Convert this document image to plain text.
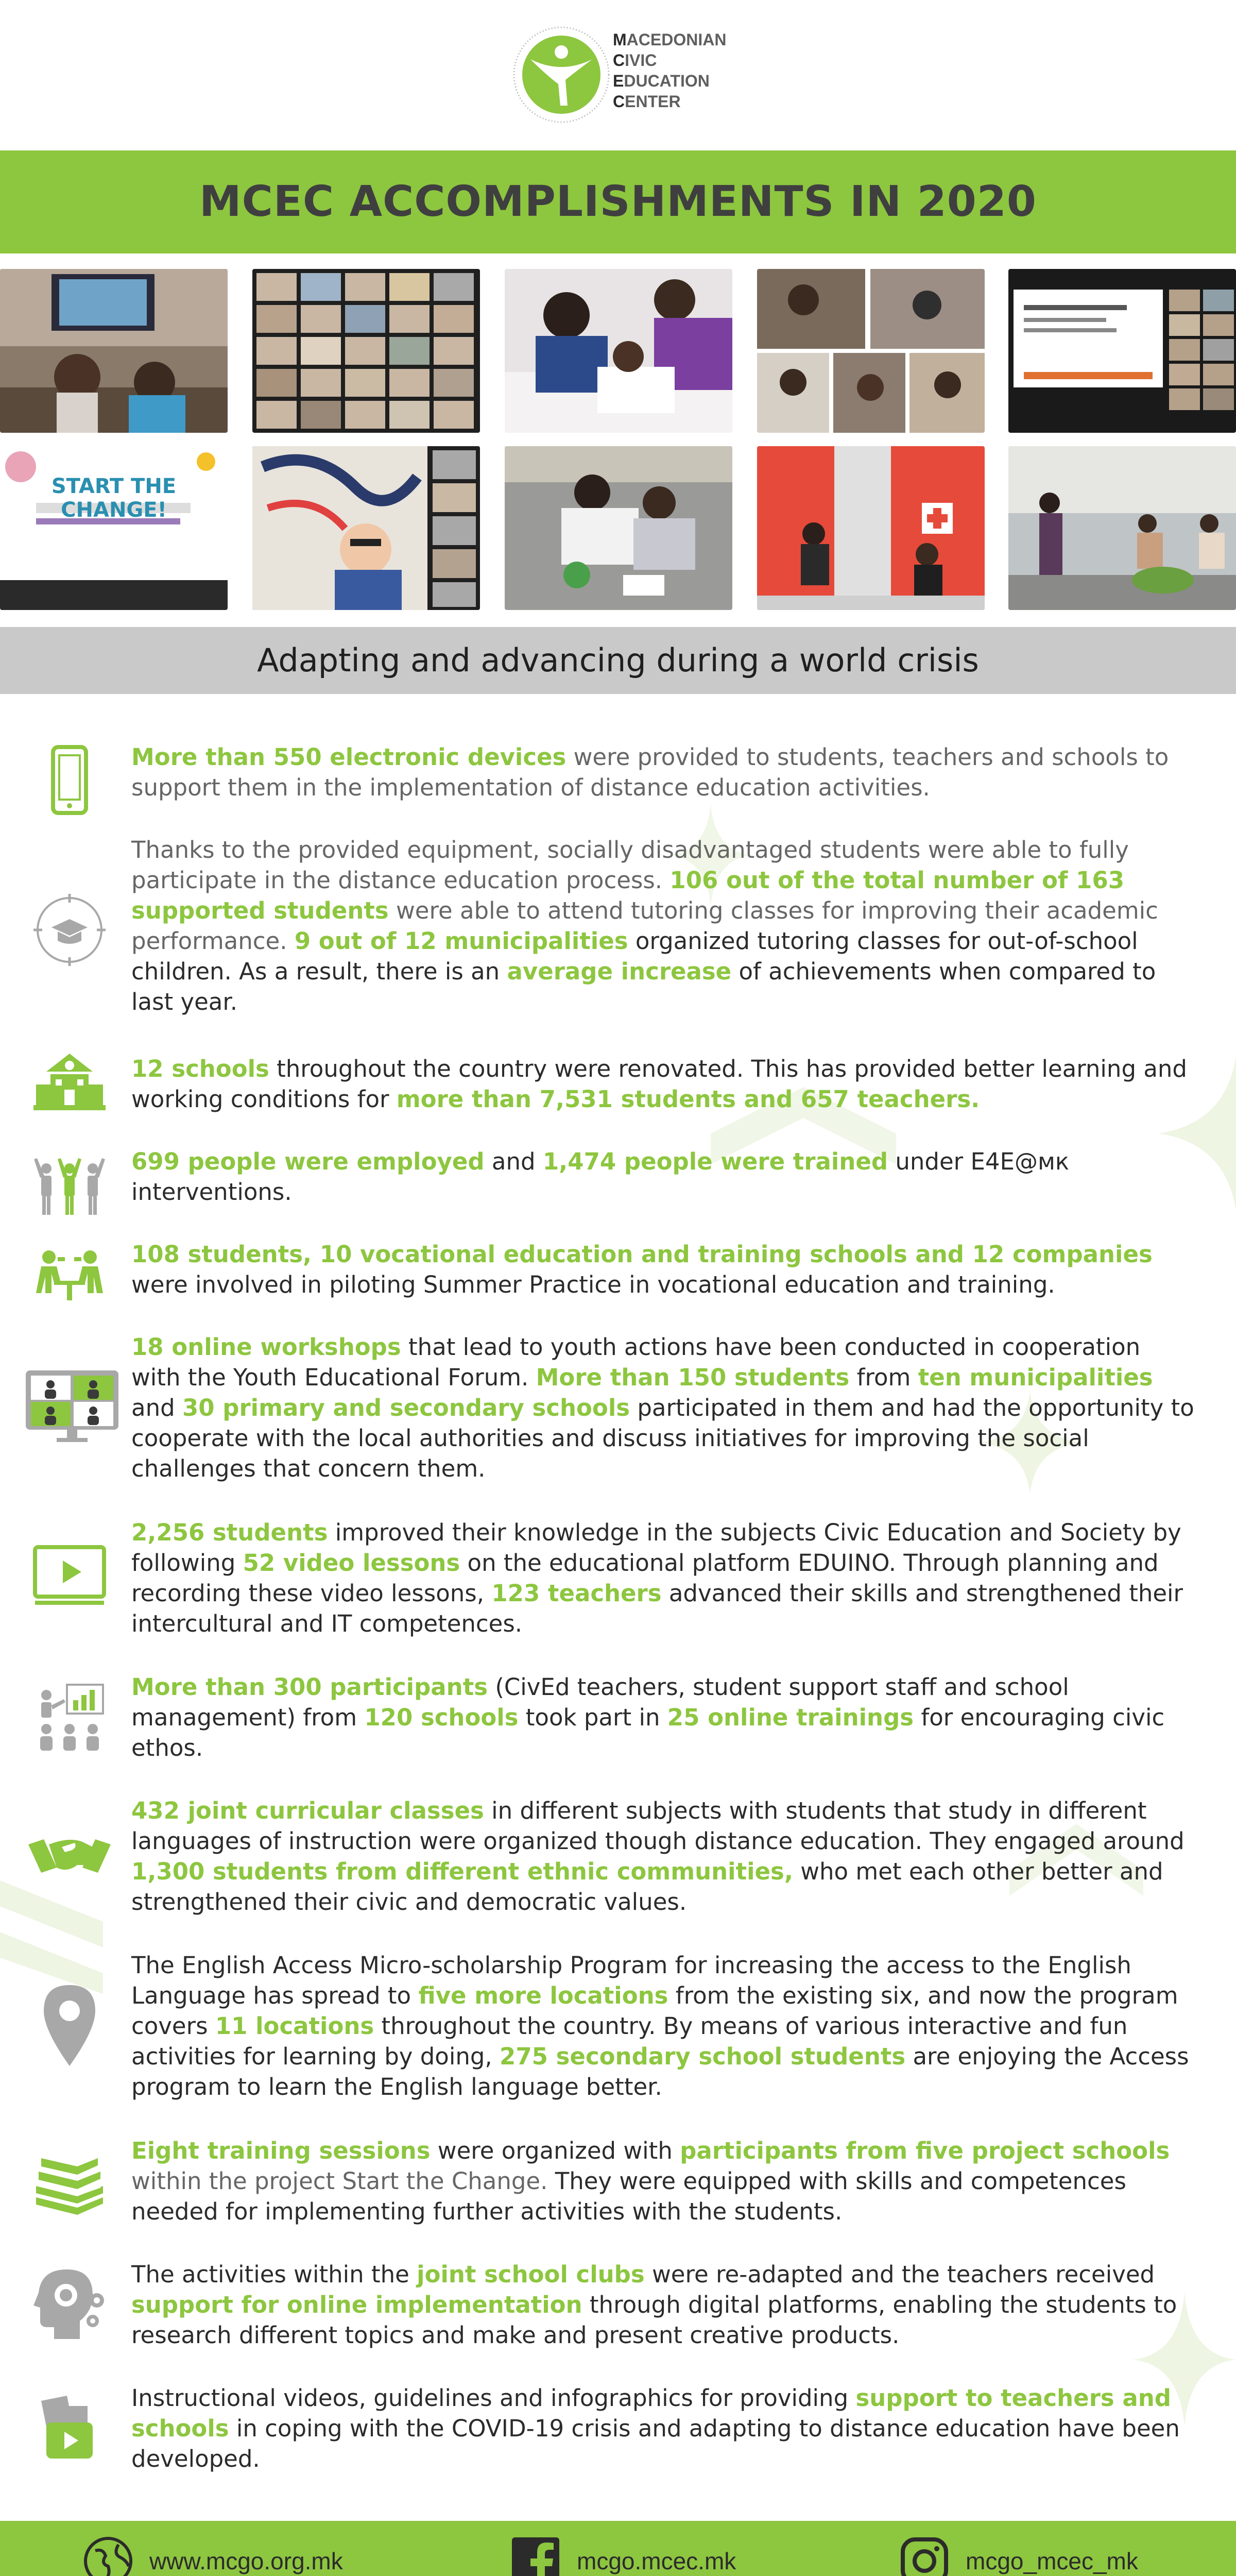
MACEDONIAN
CIVIC
EDUCATION
CENTER
MCEC ACCOMPLISHMENTS IN 2020
START THE CHANGE!
Adapting and advancing during a world crisis
More than 550 electronic devices were provided to students, teachers and schools to support them in the implementation of distance education activities.
Thanks to the provided equipment, socially disadvantaged students were able to fully participate in the distance education process. 106 out of the total number of 163 supported students were able to attend tutoring classes for improving their academic performance. 9 out of 12 municipalities organized tutoring classes for out-of-school children. As a result, there is an average increase of achievements when compared to last year.
12 schools throughout the country were renovated. This has provided better learning and working conditions for more than 7,531 students and 657 teachers.
699 people were employed and 1,474 people were trained under E4E@мк interventions.
108 students, 10 vocational education and training schools and 12 companies were involved in piloting Summer Practice in vocational education and training.
18 online workshops that lead to youth actions have been conducted in cooperation with the Youth Educational Forum. More than 150 students from ten municipalities and 30 primary and secondary schools participated in them and had the opportunity to cooperate with the local authorities and discuss initiatives for improving the social challenges that concern them.
2,256 students improved their knowledge in the subjects Civic Education and Society by following 52 video lessons on the educational platform EDUINO. Through planning and recording these video lessons, 123 teachers advanced their skills and strengthened their intercultural and IT competences.
More than 300 participants (CivEd teachers, student support staff and school management) from 120 schools took part in 25 online trainings for encouraging civic ethos.
432 joint curricular classes in different subjects with students that study in different languages of instruction were organized though distance education. They engaged around 1,300 students from different ethnic communities, who met each other better and strengthened their civic and democratic values.
The English Access Micro-scholarship Program for increasing the access to the English Language has spread to five more locations from the existing six, and now the program covers 11 locations throughout the country. By means of various interactive and fun activities for learning by doing, 275 secondary school students are enjoying the Access program to learn the English language better.
Eight training sessions were organized with participants from five project schools within the project Start the Change. They were equipped with skills and competences needed for implementing further activities with the students.
The activities within the joint school clubs were re-adapted and the teachers received support for online implementation through digital platforms, enabling the students to research different topics and make and present creative products.
Instructional videos, guidelines and infographics for providing support to teachers and schools in coping with the COVID-19 crisis and adapting to distance education have been developed.
www.mcgo.org.mk	mcgo.mcec.mk	mcgo_mcec_mk
